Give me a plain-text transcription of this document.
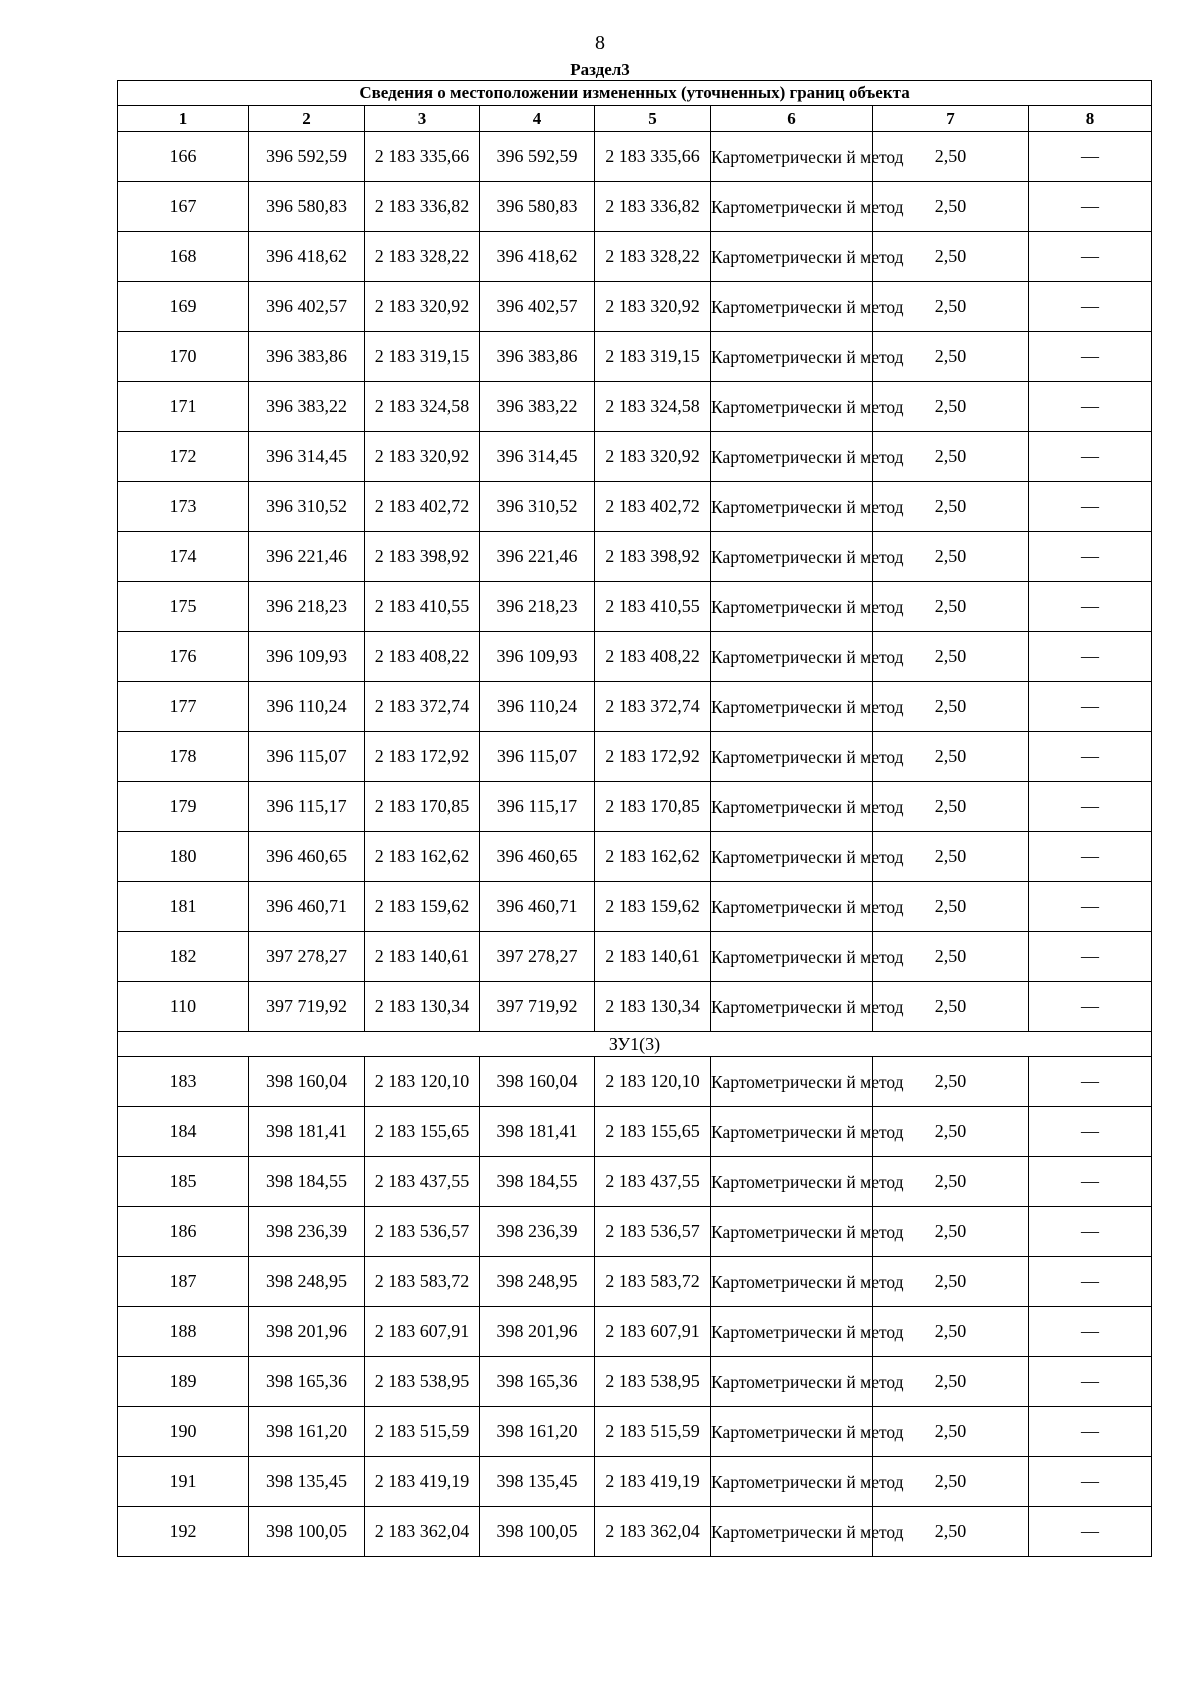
8
Раздел3
Сведения о местоположении измененных (уточненных) границ объекта							
1	2	3	4	5	6	7	8
166	396 592,59	2 183 335,66	396 592,59	2 183 335,66	Картометрически й метод	2,50	—
167	396 580,83	2 183 336,82	396 580,83	2 183 336,82	Картометрически й метод	2,50	—
168	396 418,62	2 183 328,22	396 418,62	2 183 328,22	Картометрически й метод	2,50	—
169	396 402,57	2 183 320,92	396 402,57	2 183 320,92	Картометрически й метод	2,50	—
170	396 383,86	2 183 319,15	396 383,86	2 183 319,15	Картометрически й метод	2,50	—
171	396 383,22	2 183 324,58	396 383,22	2 183 324,58	Картометрически й метод	2,50	—
172	396 314,45	2 183 320,92	396 314,45	2 183 320,92	Картометрически й метод	2,50	—
173	396 310,52	2 183 402,72	396 310,52	2 183 402,72	Картометрически й метод	2,50	—
174	396 221,46	2 183 398,92	396 221,46	2 183 398,92	Картометрически й метод	2,50	—
175	396 218,23	2 183 410,55	396 218,23	2 183 410,55	Картометрически й метод	2,50	—
176	396 109,93	2 183 408,22	396 109,93	2 183 408,22	Картометрически й метод	2,50	—
177	396 110,24	2 183 372,74	396 110,24	2 183 372,74	Картометрически й метод	2,50	—
178	396 115,07	2 183 172,92	396 115,07	2 183 172,92	Картометрически й метод	2,50	—
179	396 115,17	2 183 170,85	396 115,17	2 183 170,85	Картометрически й метод	2,50	—
180	396 460,65	2 183 162,62	396 460,65	2 183 162,62	Картометрически й метод	2,50	—
181	396 460,71	2 183 159,62	396 460,71	2 183 159,62	Картометрически й метод	2,50	—
182	397 278,27	2 183 140,61	397 278,27	2 183 140,61	Картометрически й метод	2,50	—
110	397 719,92	2 183 130,34	397 719,92	2 183 130,34	Картометрически й метод	2,50	—
ЗУ1(3)							
183	398 160,04	2 183 120,10	398 160,04	2 183 120,10	Картометрически й метод	2,50	—
184	398 181,41	2 183 155,65	398 181,41	2 183 155,65	Картометрически й метод	2,50	—
185	398 184,55	2 183 437,55	398 184,55	2 183 437,55	Картометрически й метод	2,50	—
186	398 236,39	2 183 536,57	398 236,39	2 183 536,57	Картометрически й метод	2,50	—
187	398 248,95	2 183 583,72	398 248,95	2 183 583,72	Картометрически й метод	2,50	—
188	398 201,96	2 183 607,91	398 201,96	2 183 607,91	Картометрически й метод	2,50	—
189	398 165,36	2 183 538,95	398 165,36	2 183 538,95	Картометрически й метод	2,50	—
190	398 161,20	2 183 515,59	398 161,20	2 183 515,59	Картометрически й метод	2,50	—
191	398 135,45	2 183 419,19	398 135,45	2 183 419,19	Картометрически й метод	2,50	—
192	398 100,05	2 183 362,04	398 100,05	2 183 362,04	Картометрически й метод	2,50	—
